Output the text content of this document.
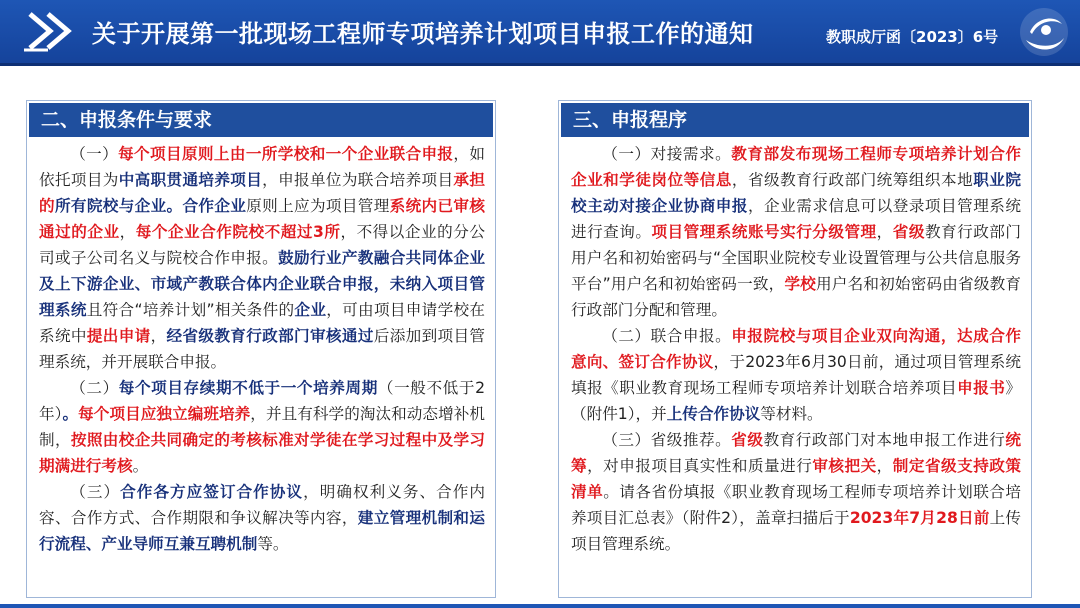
关于开展第一批现场工程师专项培养计划项目申报工作的通知	教职成厅函〔2023〕6号
二、申报条件与要求

（一）每个项目原则上由一所学校和一个企业联合申报，如依托项目为中高职贯通培养项目，申报单位为联合培养项目承担的所有院校与企业。合作企业原则上应为项目管理系统内已审核通过的企业，每个企业合作院校不超过3所，不得以企业的分公司或子公司名义与院校合作申报。鼓励行业产教融合共同体企业及上下游企业、市域产教联合体内企业联合申报，未纳入项目管理系统且符合“培养计划”相关条件的企业，可由项目申请学校在系统中提出申请，经省级教育行政部门审核通过后添加到项目管理系统，并开展联合申报。

（二）每个项目存续期不低于一个培养周期（一般不低于2年）。每个项目应独立编班培养，并且有科学的淘汰和动态增补机制，按照由校企共同确定的考核标准对学徒在学习过程中及学习期满进行考核。

（三）合作各方应签订合作协议，明确权利义务、合作内容、合作方式、合作期限和争议解决等内容，建立管理机制和运行流程、产业导师互兼互聘机制等。

三、申报程序

（一）对接需求。教育部发布现场工程师专项培养计划合作企业和学徒岗位等信息，省级教育行政部门统筹组织本地职业院校主动对接企业协商申报，企业需求信息可以登录项目管理系统进行查询。项目管理系统账号实行分级管理，省级教育行政部门用户名和初始密码与“全国职业院校专业设置管理与公共信息服务平台”用户名和初始密码一致，学校用户名和初始密码由省级教育行政部门分配和管理。

（二）联合申报。申报院校与项目企业双向沟通，达成合作意向、签订合作协议，于2023年6月30日前，通过项目管理系统填报《职业教育现场工程师专项培养计划联合培养项目申报书》（附件1），并上传合作协议等材料。

（三）省级推荐。省级教育行政部门对本地申报工作进行统筹，对申报项目真实性和质量进行审核把关，制定省级支持政策清单。请各省份填报《职业教育现场工程师专项培养计划联合培养项目汇总表》（附件2），盖章扫描后于2023年7月28日前上传项目管理系统。
